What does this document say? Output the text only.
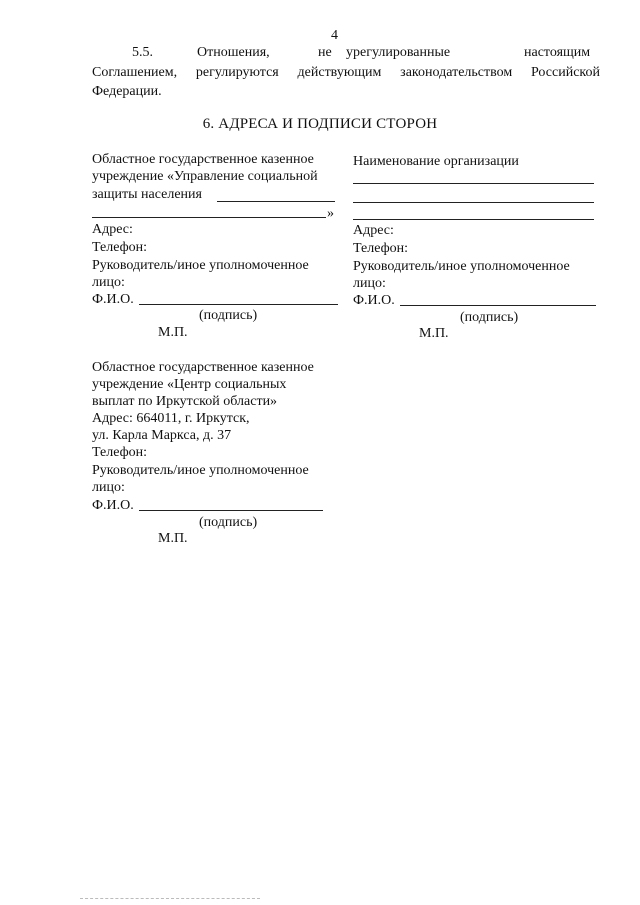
4
5.5.	Отношения,	не урегулированные	настоящим
Соглашением, регулируются действующим законодательством Российской
Федерации.
6. АДРЕСА И ПОДПИСИ СТОРОН
Областное государственное казенное
учреждение «Управление социальной
защиты населения
»
Адрес:
Телефон:
Руководитель/иное уполномоченное
лицо:
Ф.И.О.
(подпись)
М.П.
Наименование организации
Адрес:
Телефон:
Руководитель/иное уполномоченное
лицо:
Ф.И.О.
(подпись)
М.П.
Областное государственное казенное
учреждение «Центр социальных
выплат по Иркутской области»
Адрес: 664011, г. Иркутск,
ул. Карла Маркса, д. 37
Телефон:
Руководитель/иное уполномоченное
лицо:
Ф.И.О.
(подпись)
М.П.
